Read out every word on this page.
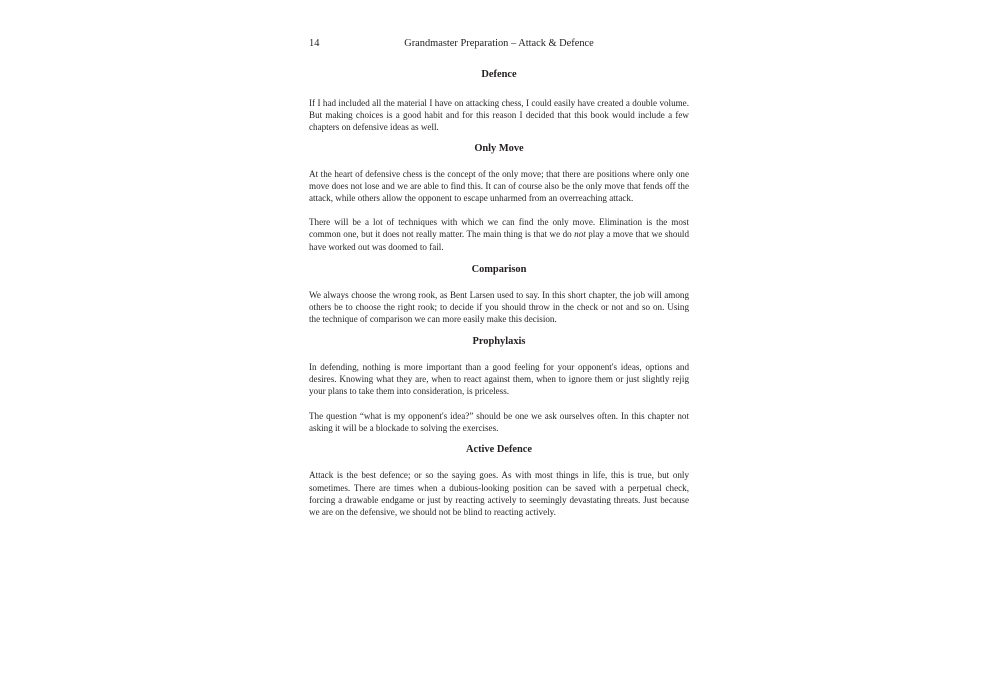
14	Grandmaster Preparation – Attack & Defence
Defence

If I had included all the material I have on attacking chess, I could easily have created a double volume. But making choices is a good habit and for this reason I decided that this book would include a few chapters on defensive ideas as well.

Only Move

At the heart of defensive chess is the concept of the only move; that there are positions where only one move does not lose and we are able to find this. It can of course also be the only move that fends off the attack, while others allow the opponent to escape unharmed from an overreaching attack.

There will be a lot of techniques with which we can find the only move. Elimination is the most common one, but it does not really matter. The main thing is that we do not play a move that we should have worked out was doomed to fail.

Comparison

We always choose the wrong rook, as Bent Larsen used to say. In this short chapter, the job will among others be to choose the right rook; to decide if you should throw in the check or not and so on. Using the technique of comparison we can more easily make this decision.

Prophylaxis

In defending, nothing is more important than a good feeling for your opponent's ideas, options and desires. Knowing what they are, when to react against them, when to ignore them or just slightly rejig your plans to take them into consideration, is priceless.

The question “what is my opponent's idea?” should be one we ask ourselves often. In this chapter not asking it will be a blockade to solving the exercises.

Active Defence

Attack is the best defence; or so the saying goes. As with most things in life, this is true, but only sometimes. There are times when a dubious-looking position can be saved with a perpetual check, forcing a drawable endgame or just by reacting actively to seemingly devastating threats. Just because we are on the defensive, we should not be blind to reacting actively.
